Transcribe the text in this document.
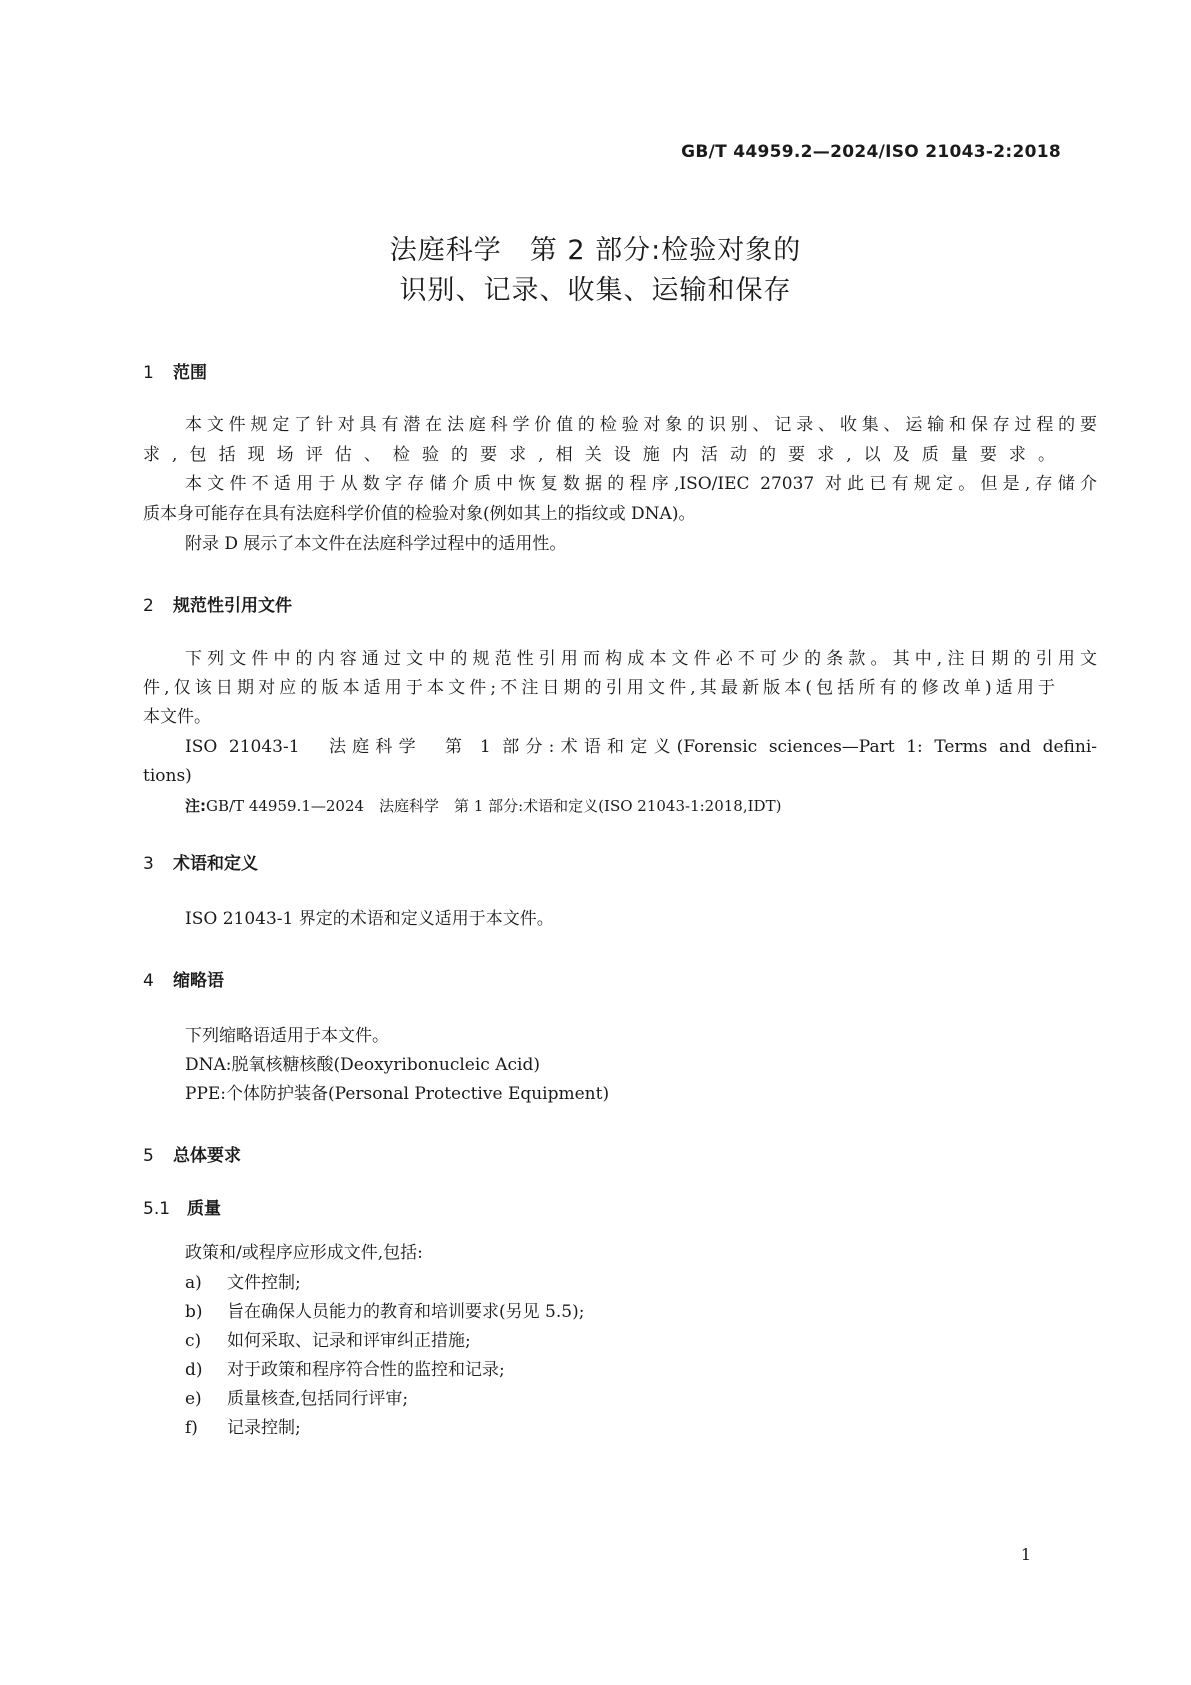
GB/T 44959.2—2024/ISO 21043-2:2018
法庭科学　第 2 部分:检验对象的
识别、记录、收集、运输和保存
1 范围
本文件规定了针对具有潜在法庭科学价值的检验对象的识别、记录、收集、运输和保存过程的要
求,包括现场评估、检验的要求,相关设施内活动的要求,以及质量要求。
本文件不适用于从数字存储介质中恢复数据的程序,ISO/IEC 27037 对此已有规定。但是,存储介
质本身可能存在具有法庭科学价值的检验对象(例如其上的指纹或 DNA)。
附录 D 展示了本文件在法庭科学过程中的适用性。
2 规范性引用文件
下列文件中的内容通过文中的规范性引用而构成本文件必不可少的条款。其中,注日期的引用文
件,仅该日期对应的版本适用于本文件;不注日期的引用文件,其最新版本(包括所有的修改单)适用于
本文件。
ISO 21043-1　法庭科学　第 1 部分:术语和定义(Forensic sciences—Part 1: Terms and defini-
tions)
注:GB/T 44959.1—2024　法庭科学　第 1 部分:术语和定义(ISO 21043-1:2018,IDT)
3 术语和定义
ISO 21043-1 界定的术语和定义适用于本文件。
4 缩略语
下列缩略语适用于本文件。
DNA:脱氧核糖核酸(Deoxyribonucleic Acid)
PPE:个体防护装备(Personal Protective Equipment)
5 总体要求
5.1 质量
政策和/或程序应形成文件,包括:
a) 文件控制;
b) 旨在确保人员能力的教育和培训要求(另见 5.5);
c) 如何采取、记录和评审纠正措施;
d) 对于政策和程序符合性的监控和记录;
e) 质量核查,包括同行评审;
f) 记录控制;
1
